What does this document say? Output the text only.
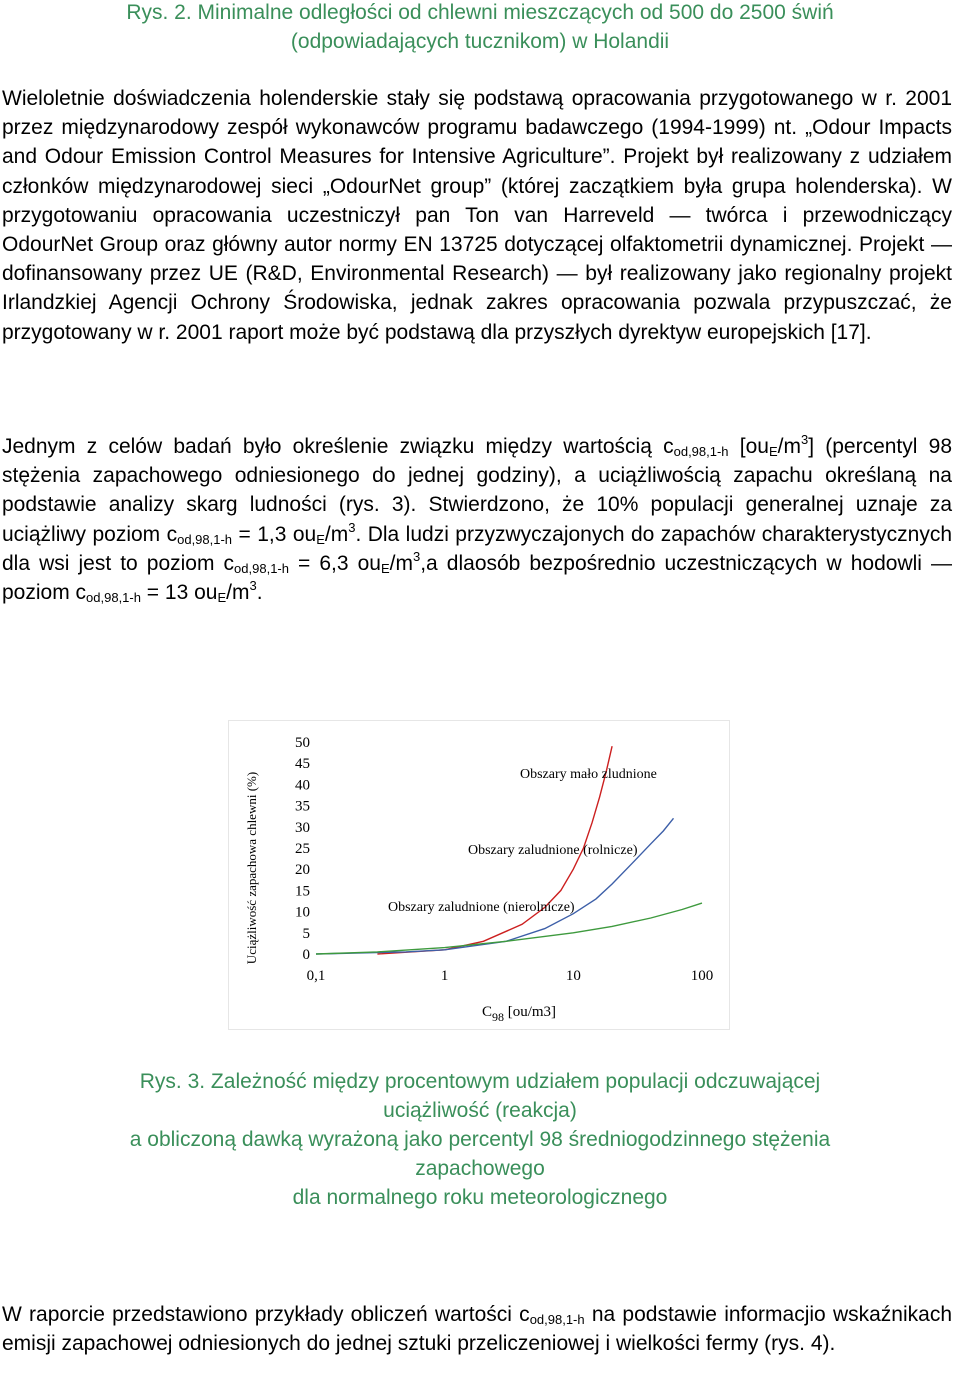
Rys. 2. Minimalne odległości od chlewni mieszczących od 500 do 2500 świń

(odpowiadających tucznikom) w Holandii

Wieloletnie doświadczenia holenderskie stały się podstawą opracowania przygotowanego w r. 2001 przez międzynarodowy zespół wykonawców programu badawczego (1994-1999) nt. „Odour Impacts and Odour Emission Control Measures for Intensive Agriculture”. Projekt był realizowany z udziałem członków międzynarodowej sieci „OdourNet group” (której zaczątkiem była grupa holenderska). W przygotowaniu opracowania uczestniczył pan Ton van Harreveld — twórca i przewodniczący OdourNet Group oraz główny autor normy EN 13725 dotyczącej olfaktometrii dynamicznej. Projekt — dofinansowany przez UE (R&D, Environmental Research) — był realizowany jako regionalny projekt Irlandzkiej Agencji Ochrony Środowiska, jednak zakres opracowania pozwala przypuszczać, że przygotowany w r. 2001 raport może być podstawą dla przyszłych dyrektyw europejskich [17].

Jednym z celów badań było określenie związku między wartością $c_{od,98,1-h}$ $[ou_E/m^3]$ (percentyl 98 stężenia zapachowego odniesionego do jednej godziny), a uciążliwością zapachu określaną na podstawie analizy skarg ludności (rys. 3). Stwierdzono, że 10% populacji generalnej uznaje za uciążliwy poziom $c_{od,98,1-h} = 1,3$ $ou_E/m^3$. Dla ludzi przyzwyczajonych do zapachów charakterystycznych dla wsi jest to poziom $c_{od,98,1-h} = 6,3$ $ou_E/m^3,a$ dlaosób bezpośrednio uczestniczących w hodowli — poziom $c_{od,98,1-h} = 13$ $ou_E/m^3$.

0
5
10
15
20
25
30
35
40
45
50
0,1	1	10	100
Uciążliwość zapachowa chlewni (%)
$C_{98}$ [ou/m3]
Obszary mało zludnione
Obszary zaludnione (rolnicze)
Obszary zaludnione (nierolnicze)

Rys. 3. Zależność między procentowym udziałem populacji odczuwającej

uciążliwość (reakcja)

a obliczoną dawką wyrażoną jako percentyl 98 średniogodzinnego stężenia

zapachowego

dla normalnego roku meteorologicznego

W raporcie przedstawiono przykłady obliczeń wartości $c_{od,98,1-h}$ na podstawie informacjio wskaźnikach emisji zapachowej odniesionych do jednej sztuki przeliczeniowej i wielkości fermy (rys. 4).
